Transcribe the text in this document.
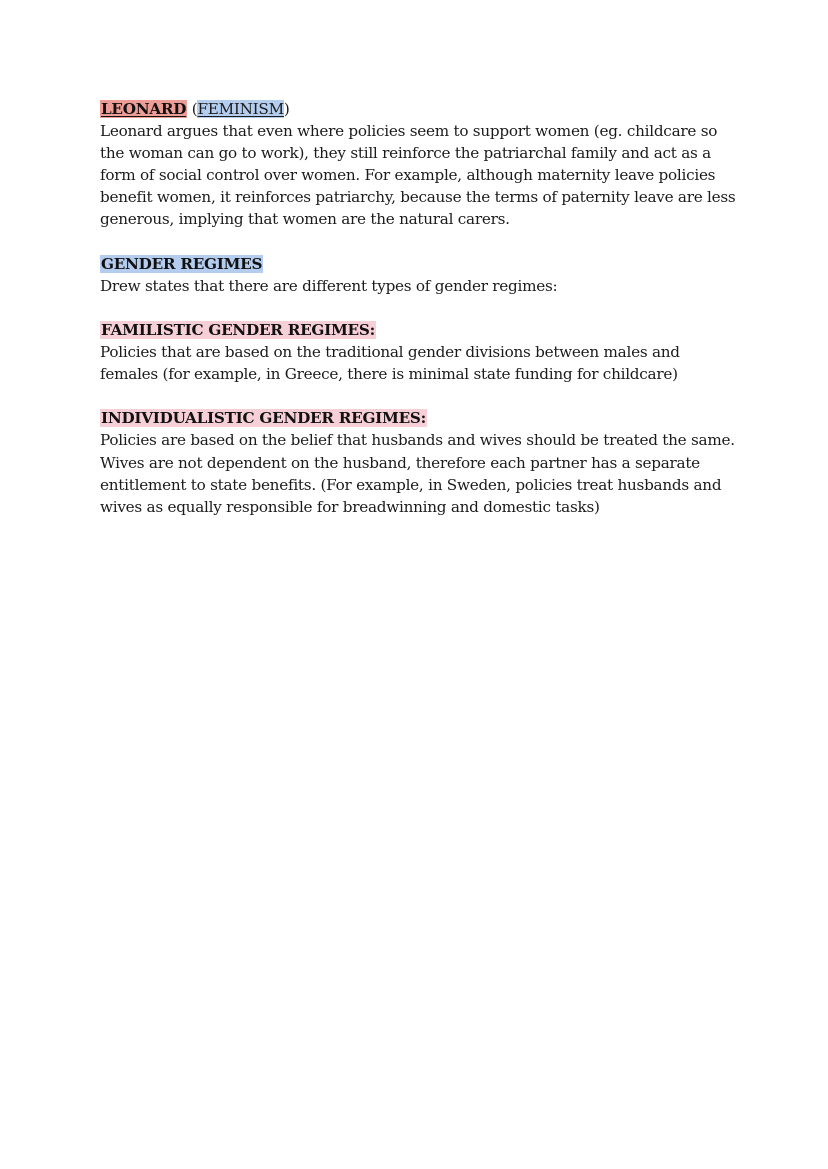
LEONARD (FEMINISM)
Leonard argues that even where policies seem to support women (eg. childcare so the woman can go to work), they still reinforce the patriarchal family and act as a form of social control over women. For example, although maternity leave policies benefit women, it reinforces patriarchy, because the terms of paternity leave are less generous, implying that women are the natural carers.
GENDER REGIMES
Drew states that there are different types of gender regimes:
FAMILISTIC GENDER REGIMES:
Policies that are based on the traditional gender divisions between males and females (for example, in Greece, there is minimal state funding for childcare)
INDIVIDUALISTIC GENDER REGIMES:
Policies are based on the belief that husbands and wives should be treated the same. Wives are not dependent on the husband, therefore each partner has a separate entitlement to state benefits. (For example, in Sweden, policies treat husbands and wives as equally responsible for breadwinning and domestic tasks)
